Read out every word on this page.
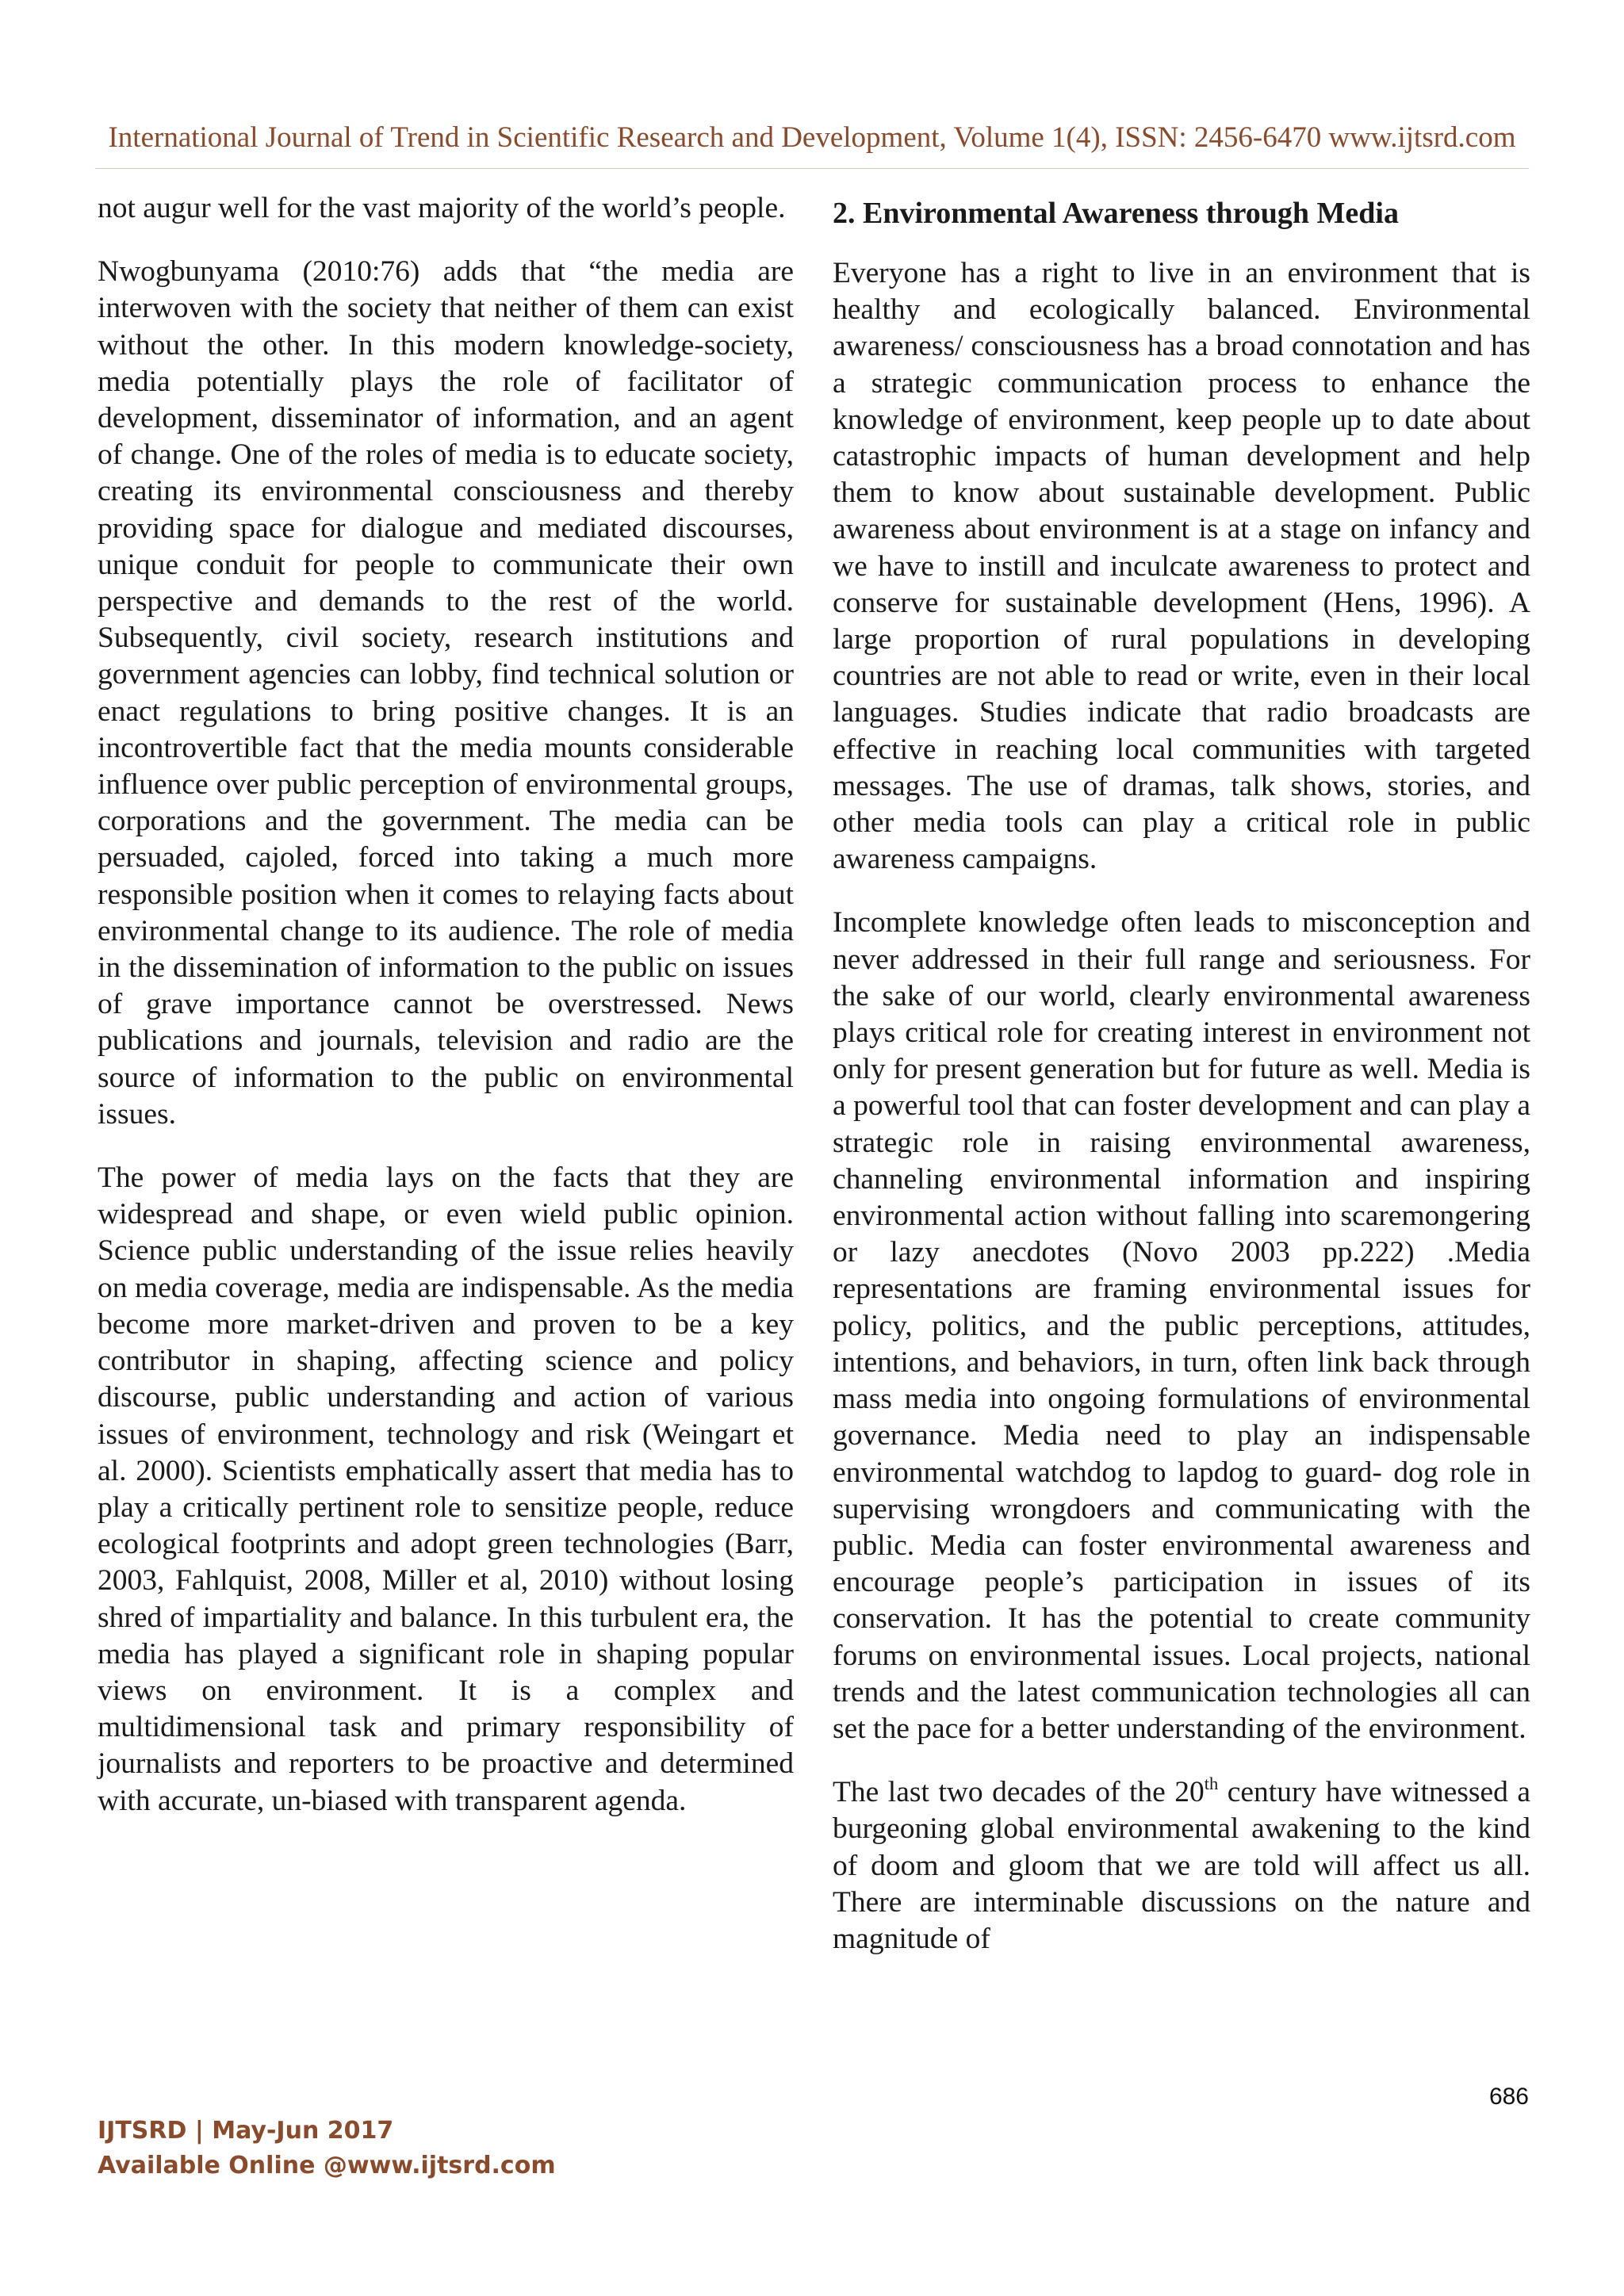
International Journal of Trend in Scientific Research and Development, Volume 1(4), ISSN: 2456-6470 www.ijtsrd.com

not augur well for the vast majority of the world’s people.

Nwogbunyama (2010:76) adds that “the media are interwoven with the society that neither of them can exist without the other. In this modern knowledge-society, media potentially plays the role of facilitator of development, disseminator of information, and an agent of change. One of the roles of media is to educate society, creating its environmental consciousness and thereby providing space for dialogue and mediated discourses, unique conduit for people to communicate their own perspective and demands to the rest of the world. Subsequently, civil society, research institutions and government agencies can lobby, find technical solution or enact regulations to bring positive changes. It is an incontrovertible fact that the media mounts considerable influence over public perception of environmental groups, corporations and the government. The media can be persuaded, cajoled, forced into taking a much more responsible position when it comes to relaying facts about environmental change to its audience. The role of media in the dissemination of information to the public on issues of grave importance cannot be overstressed. News publications and journals, television and radio are the source of information to the public on environmental issues.

The power of media lays on the facts that they are widespread and shape, or even wield public opinion. Science public understanding of the issue relies heavily on media coverage, media are indispensable. As the media become more market-driven and proven to be a key contributor in shaping, affecting science and policy discourse, public understanding and action of various issues of environment, technology and risk (Weingart et al. 2000). Scientists emphatically assert that media has to play a critically pertinent role to sensitize people, reduce ecological footprints and adopt green technologies (Barr, 2003, Fahlquist, 2008, Miller et al, 2010) without losing shred of impartiality and balance. In this turbulent era, the media has played a significant role in shaping popular views on environment. It is a complex and multidimensional task and primary responsibility of journalists and reporters to be proactive and determined with accurate, un-biased with transparent agenda.

2. Environmental Awareness through Media

Everyone has a right to live in an environment that is healthy and ecologically balanced. Environmental awareness/ consciousness has a broad connotation and has a strategic communication process to enhance the knowledge of environment, keep people up to date about catastrophic impacts of human development and help them to know about sustainable development. Public awareness about environment is at a stage on infancy and we have to instill and inculcate awareness to protect and conserve for sustainable development (Hens, 1996). A large proportion of rural populations in developing countries are not able to read or write, even in their local languages. Studies indicate that radio broadcasts are effective in reaching local communities with targeted messages. The use of dramas, talk shows, stories, and other media tools can play a critical role in public awareness campaigns.

Incomplete knowledge often leads to misconception and never addressed in their full range and seriousness. For the sake of our world, clearly environmental awareness plays critical role for creating interest in environment not only for present generation but for future as well. Media is a powerful tool that can foster development and can play a strategic role in raising environmental awareness, channeling environmental information and inspiring environmental action without falling into scaremongering or lazy anecdotes (Novo 2003 pp.222) .Media representations are framing environmental issues for policy, politics, and the public perceptions, attitudes, intentions, and behaviors, in turn, often link back through mass media into ongoing formulations of environmental governance. Media need to play an indispensable environmental watchdog to lapdog to guard- dog role in supervising wrongdoers and communicating with the public. Media can foster environmental awareness and encourage people’s participation in issues of its conservation. It has the potential to create community forums on environmental issues. Local projects, national trends and the latest communication technologies all can set the pace for a better understanding of the environment.

The last two decades of the 20th century have witnessed a burgeoning global environmental awakening to the kind of doom and gloom that we are told will affect us all. There are interminable discussions on the nature and magnitude of

686
IJTSRD | May-Jun 2017
Available Online @www.ijtsrd.com
